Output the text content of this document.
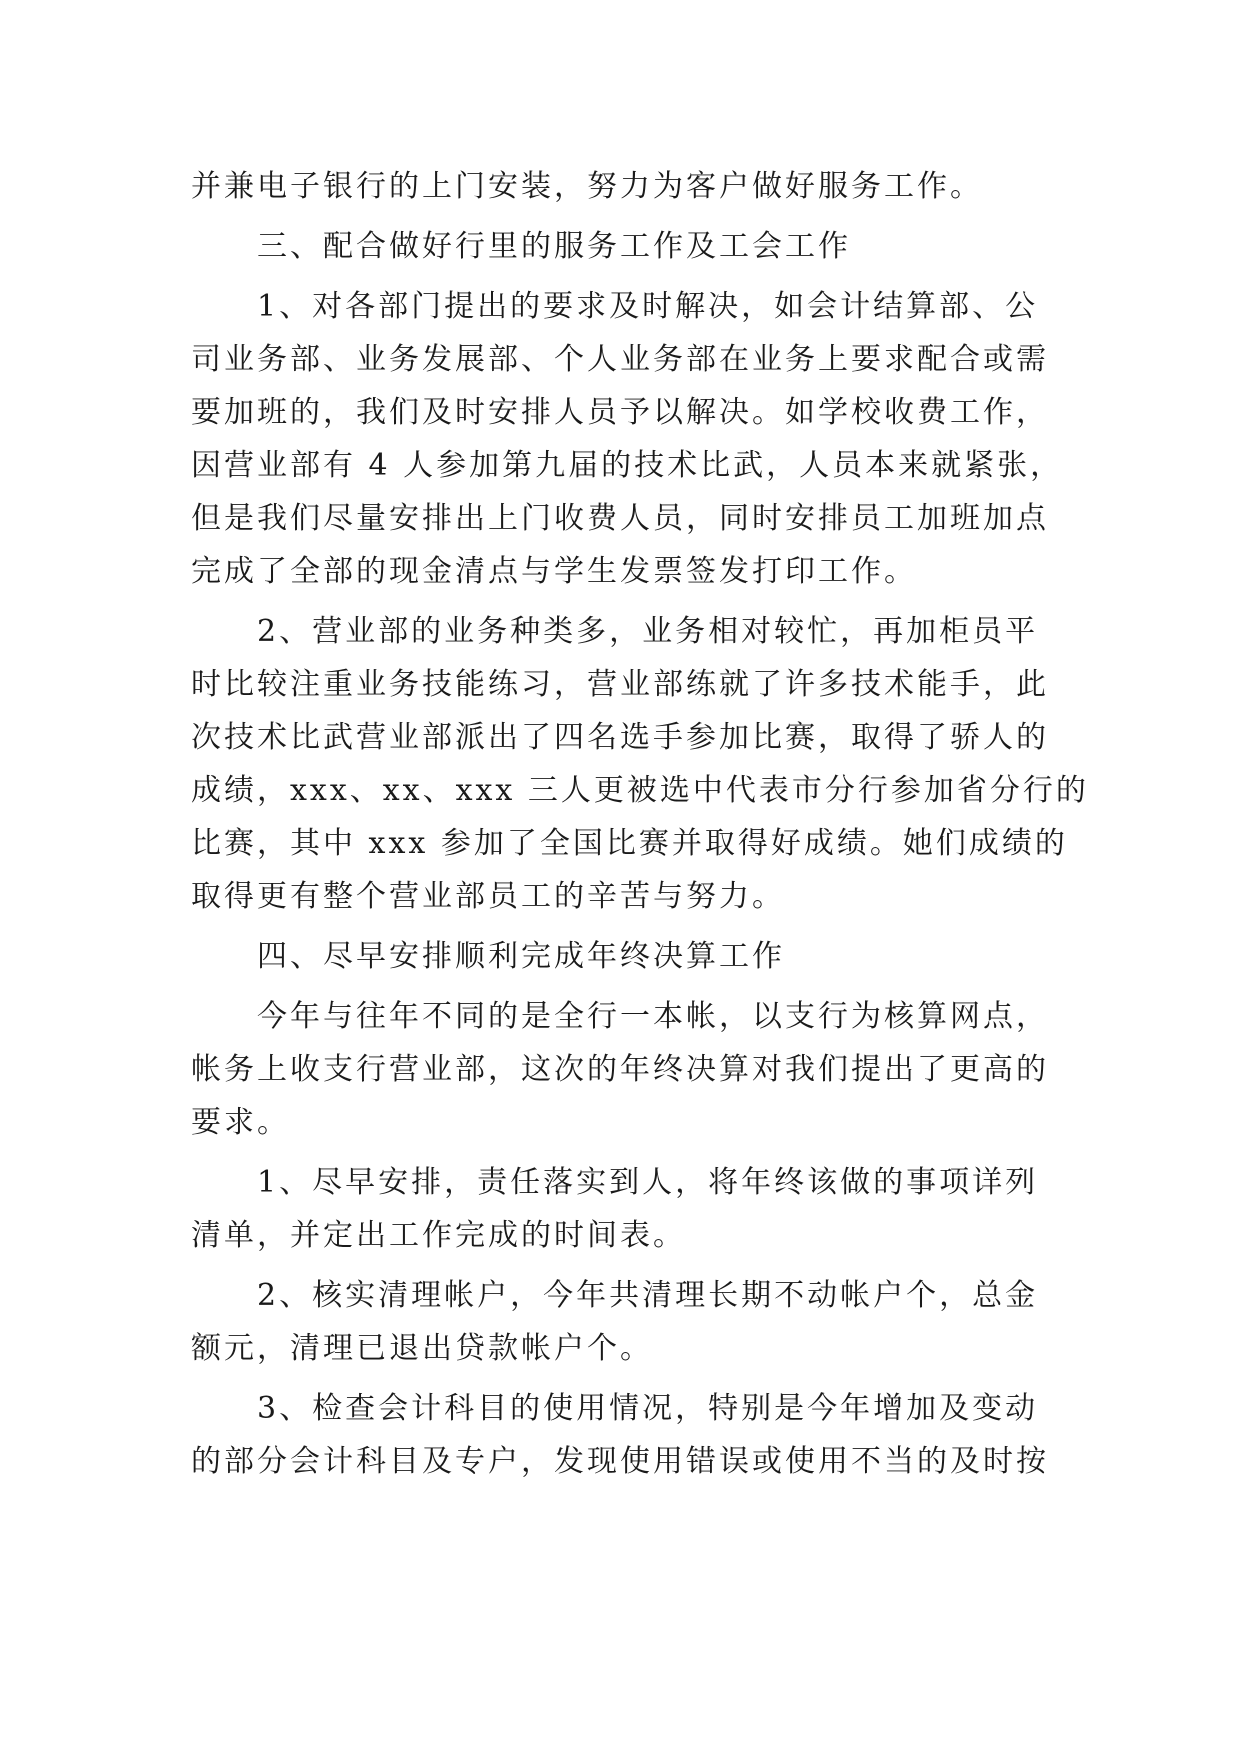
并兼电子银行的上门安装，努力为客户做好服务工作。

三、配合做好行里的服务工作及工会工作

1、对各部门提出的要求及时解决，如会计结算部、公
司业务部、业务发展部、个人业务部在业务上要求配合或需
要加班的，我们及时安排人员予以解决。如学校收费工作，
因营业部有 4 人参加第九届的技术比武，人员本来就紧张，
但是我们尽量安排出上门收费人员，同时安排员工加班加点
完成了全部的现金清点与学生发票签发打印工作。

2、营业部的业务种类多，业务相对较忙，再加柜员平
时比较注重业务技能练习，营业部练就了许多技术能手，此
次技术比武营业部派出了四名选手参加比赛，取得了骄人的
成绩，xxx、xx、xxx 三人更被选中代表市分行参加省分行的
比赛，其中 xxx 参加了全国比赛并取得好成绩。她们成绩的
取得更有整个营业部员工的辛苦与努力。

四、尽早安排顺利完成年终决算工作

今年与往年不同的是全行一本帐，以支行为核算网点，
帐务上收支行营业部，这次的年终决算对我们提出了更高的
要求。

1、尽早安排，责任落实到人，将年终该做的事项详列
清单，并定出工作完成的时间表。

2、核实清理帐户，今年共清理长期不动帐户个，总金
额元，清理已退出贷款帐户个。

3、检查会计科目的使用情况，特别是今年增加及变动
的部分会计科目及专户，发现使用错误或使用不当的及时按
